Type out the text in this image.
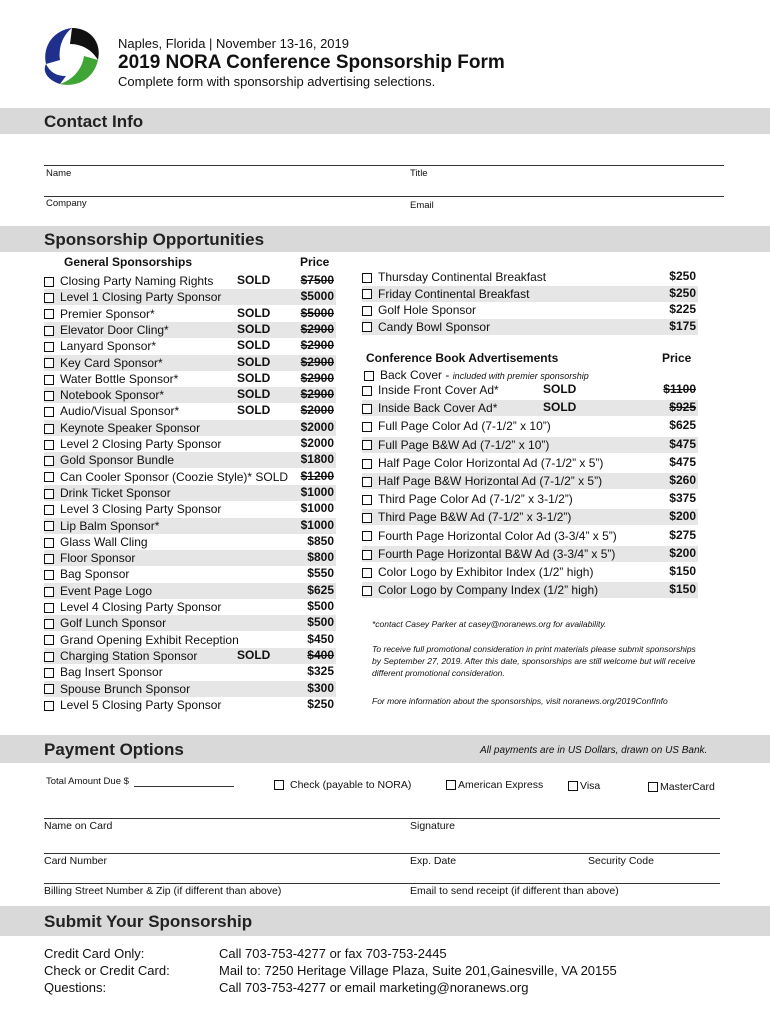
Naples, Florida | November 13-16, 2019
2019 NORA Conference Sponsorship Form
Complete form with sponsorship advertising selections.
Contact Info
Name	Title
Company	Email
Sponsorship Opportunities
General Sponsorships	Price
Closing Party Naming Rights	SOLD	$7500
Level 1 Closing Party Sponsor	$5000
Premier Sponsor*	SOLD	$5000
Elevator Door Cling*	SOLD	$2900
Lanyard Sponsor*	SOLD	$2900
Key Card Sponsor*	SOLD	$2900
Water Bottle Sponsor*	SOLD	$2900
Notebook Sponsor*	SOLD	$2900
Audio/Visual Sponsor*	SOLD	$2000
Keynote Speaker Sponsor	$2000
Level 2 Closing Party Sponsor	$2000
Gold Sponsor Bundle	$1800
Can Cooler Sponsor (Coozie Style)* SOLD	$1200
Drink Ticket Sponsor	$1000
Level 3 Closing Party Sponsor	$1000
Lip Balm Sponsor*	$1000
Glass Wall Cling	$850
Floor Sponsor	$800
Bag Sponsor	$550
Event Page Logo	$625
Level 4 Closing Party Sponsor	$500
Golf Lunch Sponsor	$500
Grand Opening Exhibit Reception	$450
Charging Station Sponsor	SOLD	$400
Bag Insert Sponsor	$325
Spouse Brunch Sponsor	$300
Level 5 Closing Party Sponsor	$250
Thursday Continental Breakfast	$250
Friday Continental Breakfast	$250
Golf Hole Sponsor	$225
Candy Bowl Sponsor	$175
Conference Book Advertisements	Price
Back Cover - included with premier sponsorship
Inside Front Cover Ad*	SOLD	$1100
Inside Back Cover Ad*	SOLD	$925
Full Page Color Ad (7-1/2” x 10”)	$625
Full Page B&W Ad (7-1/2” x 10”)	$475
Half Page Color Horizontal Ad (7-1/2” x 5”)	$475
Half Page B&W Horizontal Ad (7-1/2” x 5”)	$260
Third Page Color Ad (7-1/2” x 3-1/2”)	$375
Third Page B&W Ad (7-1/2” x 3-1/2”)	$200
Fourth Page Horizontal Color Ad (3-3/4” x 5”)	$275
Fourth Page Horizontal B&W Ad (3-3/4” x 5”)	$200
Color Logo by Exhibitor Index (1/2” high)	$150
Color Logo by Company Index (1/2” high)	$150
*contact Casey Parker at casey@noranews.org for availability.
To receive full promotional consideration in print materials please submit sponsorships by September 27, 2019. After this date, sponsorships are still welcome but will receive different promotional consideration.
For more information about the sponsorships, visit noranews.org/2019ConfInfo
Payment Options	All payments are in US Dollars, drawn on US Bank.
Total Amount Due $	Check (payable to NORA)	American Express	Visa	MasterCard
Name on Card	Signature
Card Number	Exp. Date	Security Code
Billing Street Number & Zip (if different than above)	Email to send receipt (if different than above)
Submit Your Sponsorship
Credit Card Only:	Call 703-753-4277 or fax 703-753-2445
Check or Credit Card:	Mail to: 7250 Heritage Village Plaza, Suite 201,Gainesville, VA 20155
Questions:	Call 703-753-4277 or email marketing@noranews.org
